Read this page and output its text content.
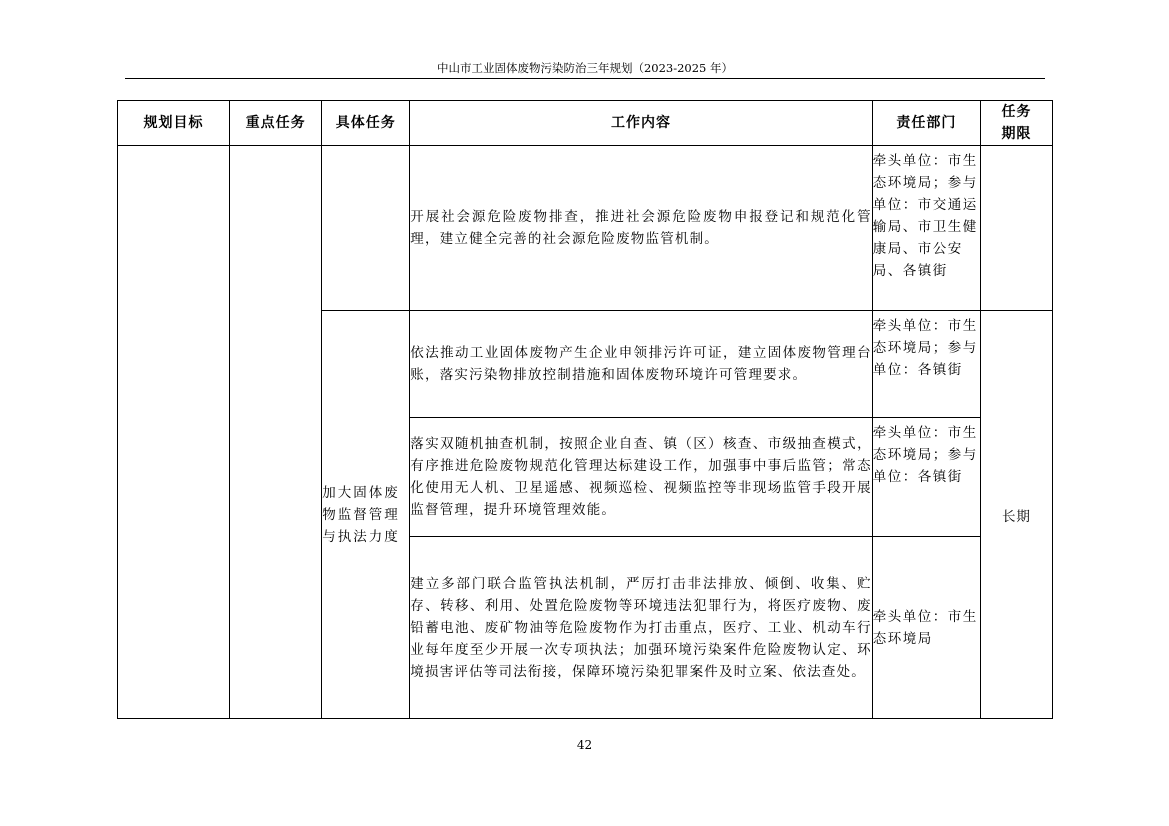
中山市工业固体废物污染防治三年规划（2023-2025 年）
规划目标	重点任务	具体任务	工作内容	责任部门	任务
期限

			开展社会源危险废物排查，推进社会源危险废物申报登记和规范化管理，建立健全完善的社会源危险废物监管机制。	牵头单位：市生态环境局；参与单位：市交通运输局、市卫生健康局、市公安局、各镇街	

		加大固体废物监督管理与执法力度	依法推动工业固体废物产生企业申领排污许可证，建立固体废物管理台账，落实污染物排放控制措施和固体废物环境许可管理要求。	牵头单位：市生态环境局；参与单位：各镇街	长期
			落实双随机抽查机制，按照企业自查、镇（区）核查、市级抽查模式，有序推进危险废物规范化管理达标建设工作，加强事中事后监管；常态化使用无人机、卫星遥感、视频巡检、视频监控等非现场监管手段开展监督管理，提升环境管理效能。	牵头单位：市生态环境局；参与单位：各镇街	

			建立多部门联合监管执法机制，严厉打击非法排放、倾倒、收集、贮存、转移、利用、处置危险废物等环境违法犯罪行为，将医疗废物、废铅蓄电池、废矿物油等危险废物作为打击重点，医疗、工业、机动车行业每年度至少开展一次专项执法；加强环境污染案件危险废物认定、环境损害评估等司法衔接，保障环境污染犯罪案件及时立案、依法查处。	牵头单位：市生态环境局	
42
